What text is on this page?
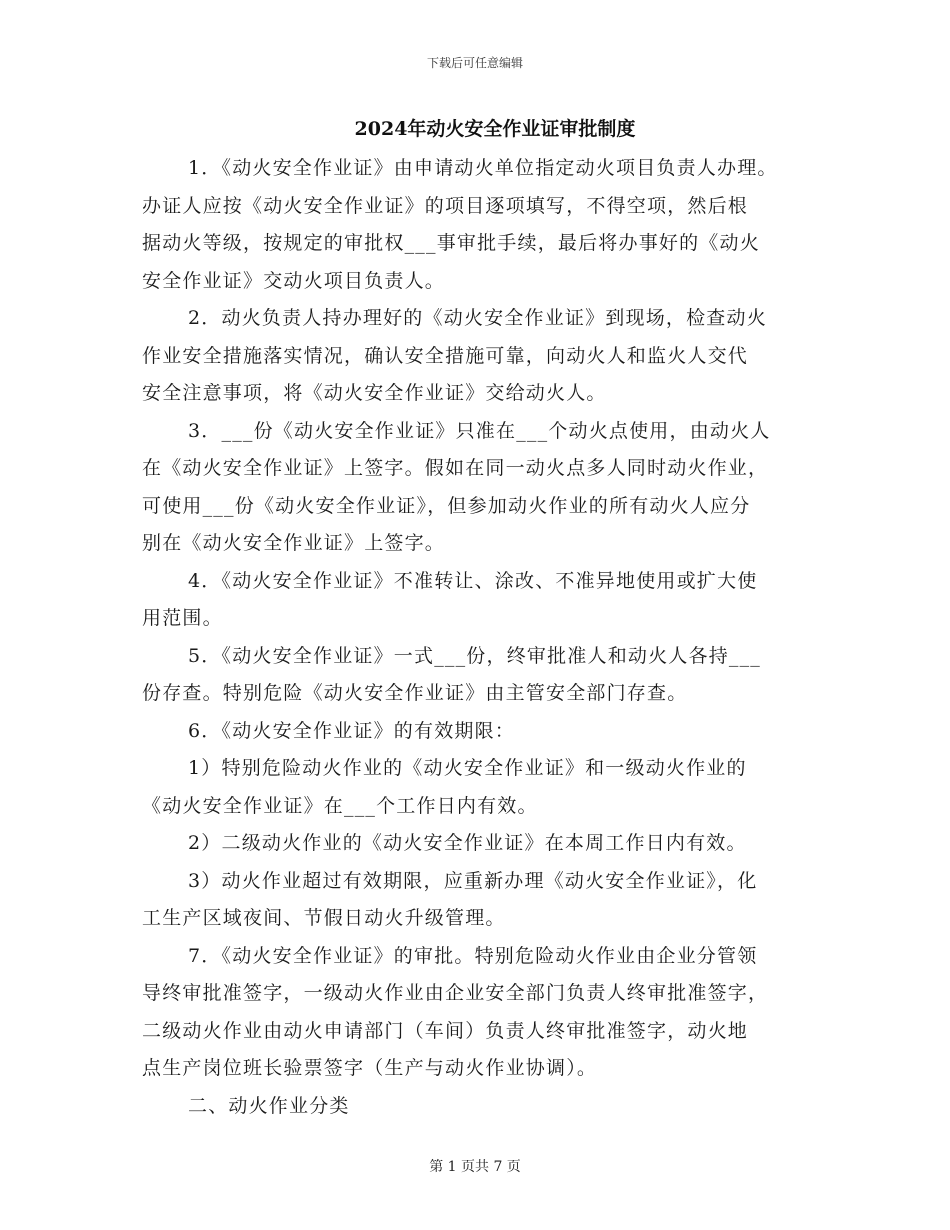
下载后可任意编辑
2024年动火安全作业证审批制度
1．《动火安全作业证》由申请动火单位指定动火项目负责人办理。
办证人应按《动火安全作业证》的项目逐项填写，不得空项，然后根
据动火等级，按规定的审批权___事审批手续，最后将办事好的《动火
安全作业证》交动火项目负责人。
2．动火负责人持办理好的《动火安全作业证》到现场，检查动火
作业安全措施落实情况，确认安全措施可靠，向动火人和监火人交代
安全注意事项，将《动火安全作业证》交给动火人。
3．___份《动火安全作业证》只准在___个动火点使用，由动火人
在《动火安全作业证》上签字。假如在同一动火点多人同时动火作业，
可使用___份《动火安全作业证》，但参加动火作业的所有动火人应分
别在《动火安全作业证》上签字。
4．《动火安全作业证》不准转让、涂改、不准异地使用或扩大使
用范围。
5．《动火安全作业证》一式___份，终审批准人和动火人各持___
份存查。特别危险《动火安全作业证》由主管安全部门存查。
6．《动火安全作业证》的有效期限：
1）特别危险动火作业的《动火安全作业证》和一级动火作业的
《动火安全作业证》在___个工作日内有效。
2）二级动火作业的《动火安全作业证》在本周工作日内有效。
3）动火作业超过有效期限，应重新办理《动火安全作业证》，化
工生产区域夜间、节假日动火升级管理。
7．《动火安全作业证》的审批。特别危险动火作业由企业分管领
导终审批准签字，一级动火作业由企业安全部门负责人终审批准签字，
二级动火作业由动火申请部门（车间）负责人终审批准签字，动火地
点生产岗位班长验票签字（生产与动火作业协调）。
二、动火作业分类
第 1 页共 7 页
